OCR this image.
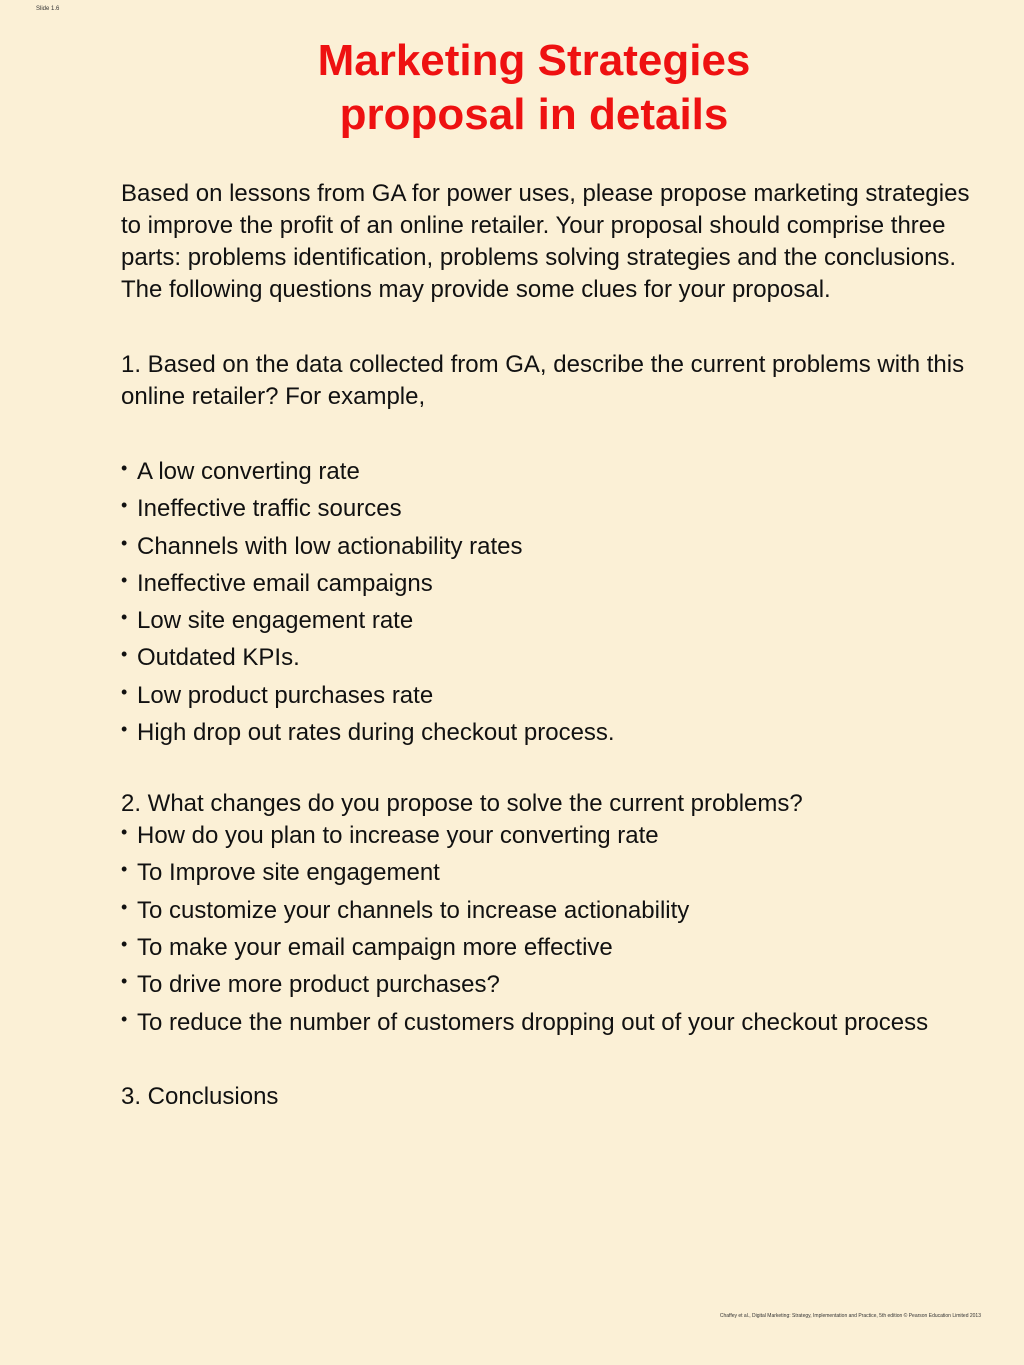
Slide 1.6
Marketing Strategies
proposal in details

Based on lessons from GA for power uses, please propose marketing strategies to improve the profit of an online retailer. Your proposal should comprise three parts: problems identification, problems solving strategies and the conclusions. The following questions may provide some clues for your proposal.

1. Based on the data collected from GA, describe the current problems with this online retailer? For example,

• A low converting rate
• Ineffective traffic sources
• Channels with low actionability rates
• Ineffective email campaigns
• Low site engagement rate
• Outdated KPIs.
• Low product purchases rate
• High drop out rates during checkout process.

2. What changes do you propose to solve the current problems?

• How do you plan to increase your converting rate
• To Improve site engagement
• To customize your channels to increase actionability
• To make your email campaign more effective
• To drive more product purchases?
• To reduce the number of customers dropping out of your checkout process

3. Conclusions

Chaffey et al., Digital Marketing: Strategy, Implementation and Practice, 5th edition © Pearson Education Limited 2013
